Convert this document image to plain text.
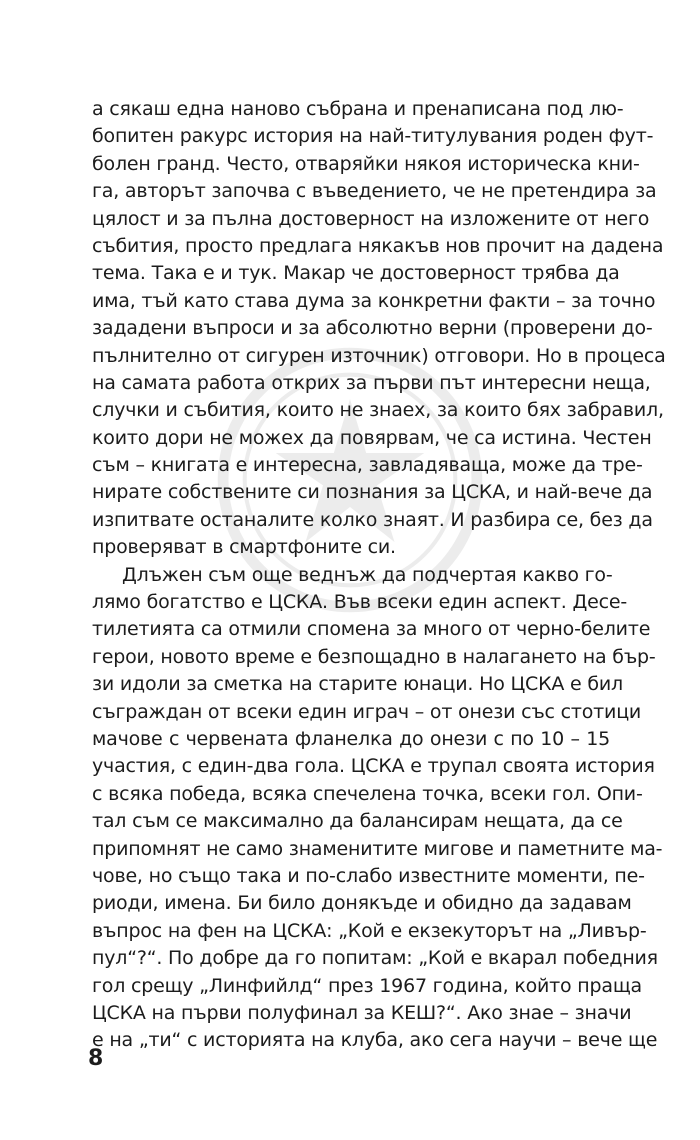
а сякаш една наново събрана и пренаписана под лю-
бопитен ракурс история на най-титулувания роден фут-
болен гранд. Често, отваряйки някоя историческа кни-
га, авторът започва с въведението, че не претендира за
цялост и за пълна достоверност на изложените от него
събития, просто предлага някакъв нов прочит на дадена
тема. Така е и тук. Макар че достоверност трябва да
има, тъй като става дума за конкретни факти – за точно
зададени въпроси и за абсолютно верни (проверени до-
пълнително от сигурен източник) отговори. Но в процеса
на самата работа открих за първи път интересни неща,
случки и събития, които не знаех, за които бях забравил,
които дори не можех да повярвам, че са истина. Честен
съм – книгата е интересна, завладяваща, може да тре-
нирате собствените си познания за ЦСКА, и най-вече да
изпитвате останалите колко знаят. И разбира се, без да
проверяват в смартфоните си.
Длъжен съм още веднъж да подчертая какво го-
лямо богатство е ЦСКА. Във всеки един аспект. Десе-
тилетията са отмили спомена за много от черно-белите
герои, новото време е безпощадно в налагането на бър-
зи идоли за сметка на старите юнаци. Но ЦСКА е бил
съграждан от всеки един играч – от онези със стотици
мачове с червената фланелка до онези с по 10 – 15
участия, с един-два гола. ЦСКА е трупал своята история
с всяка победа, всяка спечелена точка, всеки гол. Опи-
тал съм се максимално да балансирам нещата, да се
припомнят не само знаменитите мигове и паметните ма-
чове, но също така и по-слабо известните моменти, пе-
риоди, имена. Би било донякъде и обидно да задавам
въпрос на фен на ЦСКА: „Кой е екзекуторът на „Ливър-
пул“?“. По добре да го попитам: „Кой е вкарал победния
гол срещу „Линфийлд“ през 1967 година, който праща
ЦСКА на първи полуфинал за КЕШ?“. Ако знае – значи
е на „ти“ с историята на клуба, ако сега научи – вече ще
8
